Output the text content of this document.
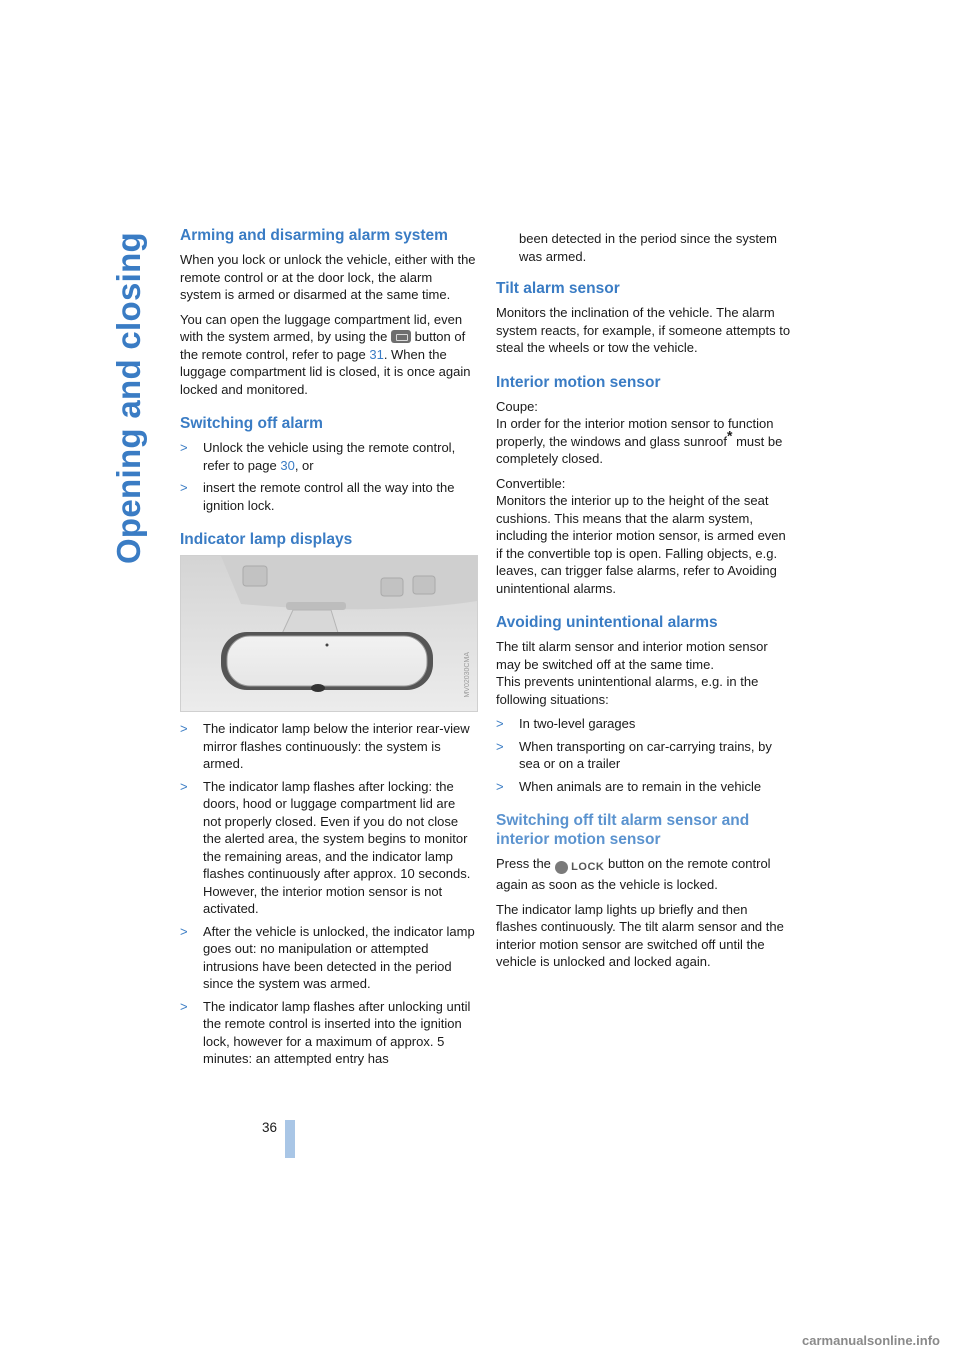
Opening and closing Arming and disarming alarm system

When you lock or unlock the vehicle, either with the remote control or at the door lock, the alarm system is armed or disarmed at the same time.

You can open the luggage compartment lid, even with the system armed, by using the button of the remote control, refer to page 31. When the luggage compartment lid is closed, it is once again locked and monitored.

Switching off alarm
> Unlock the vehicle using the remote control, refer to page 30, or
> insert the remote control all the way into the ignition lock.
Indicator lamp displays
MV02030CMA
> The indicator lamp below the interior rear-view mirror flashes continuously: the system is armed.
> The indicator lamp flashes after locking: the doors, hood or luggage compartment lid are not properly closed. Even if you do not close the alerted area, the system begins to monitor the remaining areas, and the indicator lamp flashes continuously after approx. 10 seconds. However, the interior motion sensor is not activated.
> After the vehicle is unlocked, the indicator lamp goes out: no manipulation or attempted intrusions have been detected in the period since the system was armed.
> The indicator lamp flashes after unlocking until the remote control is inserted into the ignition lock, however for a maximum of approx. 5 minutes: an attempted entry has

been detected in the period since the system was armed.

Tilt alarm sensor

Monitors the inclination of the vehicle. The alarm system reacts, for example, if someone attempts to steal the wheels or tow the vehicle.

Interior motion sensor

Coupe:
In order for the interior motion sensor to function properly, the windows and glass sunroof* must be completely closed.

Convertible:
Monitors the interior up to the height of the seat cushions. This means that the alarm system, including the interior motion sensor, is armed even if the convertible top is open. Falling objects, e.g. leaves, can trigger false alarms, refer to Avoiding unintentional alarms.

Avoiding unintentional alarms

The tilt alarm sensor and interior motion sensor may be switched off at the same time.
This prevents unintentional alarms, e.g. in the following situations:

> In two-level garages
> When transporting on car-carrying trains, by sea or on a trailer
> When animals are to remain in the vehicle
Switching off tilt alarm sensor and interior motion sensor

Press the LOCK button on the remote control again as soon as the vehicle is locked.

The indicator lamp lights up briefly and then flashes continuously. The tilt alarm sensor and the interior motion sensor are switched off until the vehicle is unlocked and locked again.

36
carmanualsonline.info
